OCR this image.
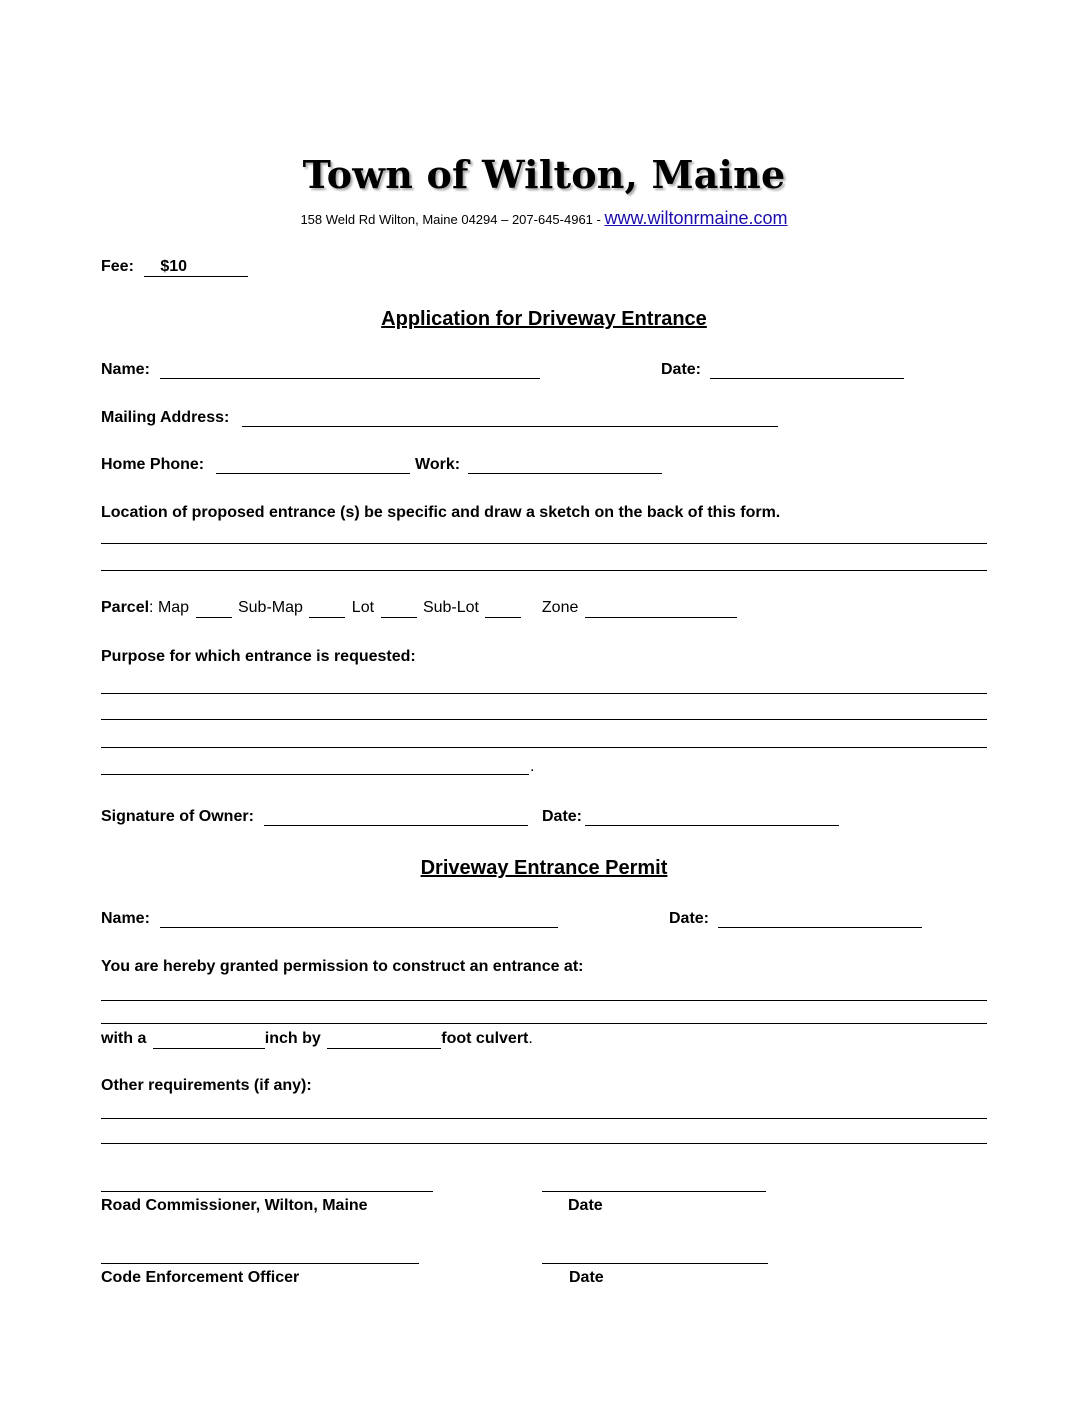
Town of Wilton, Maine
158 Weld Rd Wilton, Maine 04294 – 207-645-4961 - www.wiltonrmaine.com
Fee: $10
Application for Driveway Entrance
Name:	Date:
Mailing Address:
Home Phone:	Work:
Location of proposed entrance (s) be specific and draw a sketch on the back of this form.
Parcel: Map	Sub-Map	Lot	Sub-Lot	Zone
Purpose for which entrance is requested:
.
Signature of Owner:	Date:
Driveway Entrance Permit
Name:	Date:
You are hereby granted permission to construct an entrance at:
with a	inch by	foot culvert.
Other requirements (if any):
Road Commissioner, Wilton, Maine	Date
Code Enforcement Officer	Date
